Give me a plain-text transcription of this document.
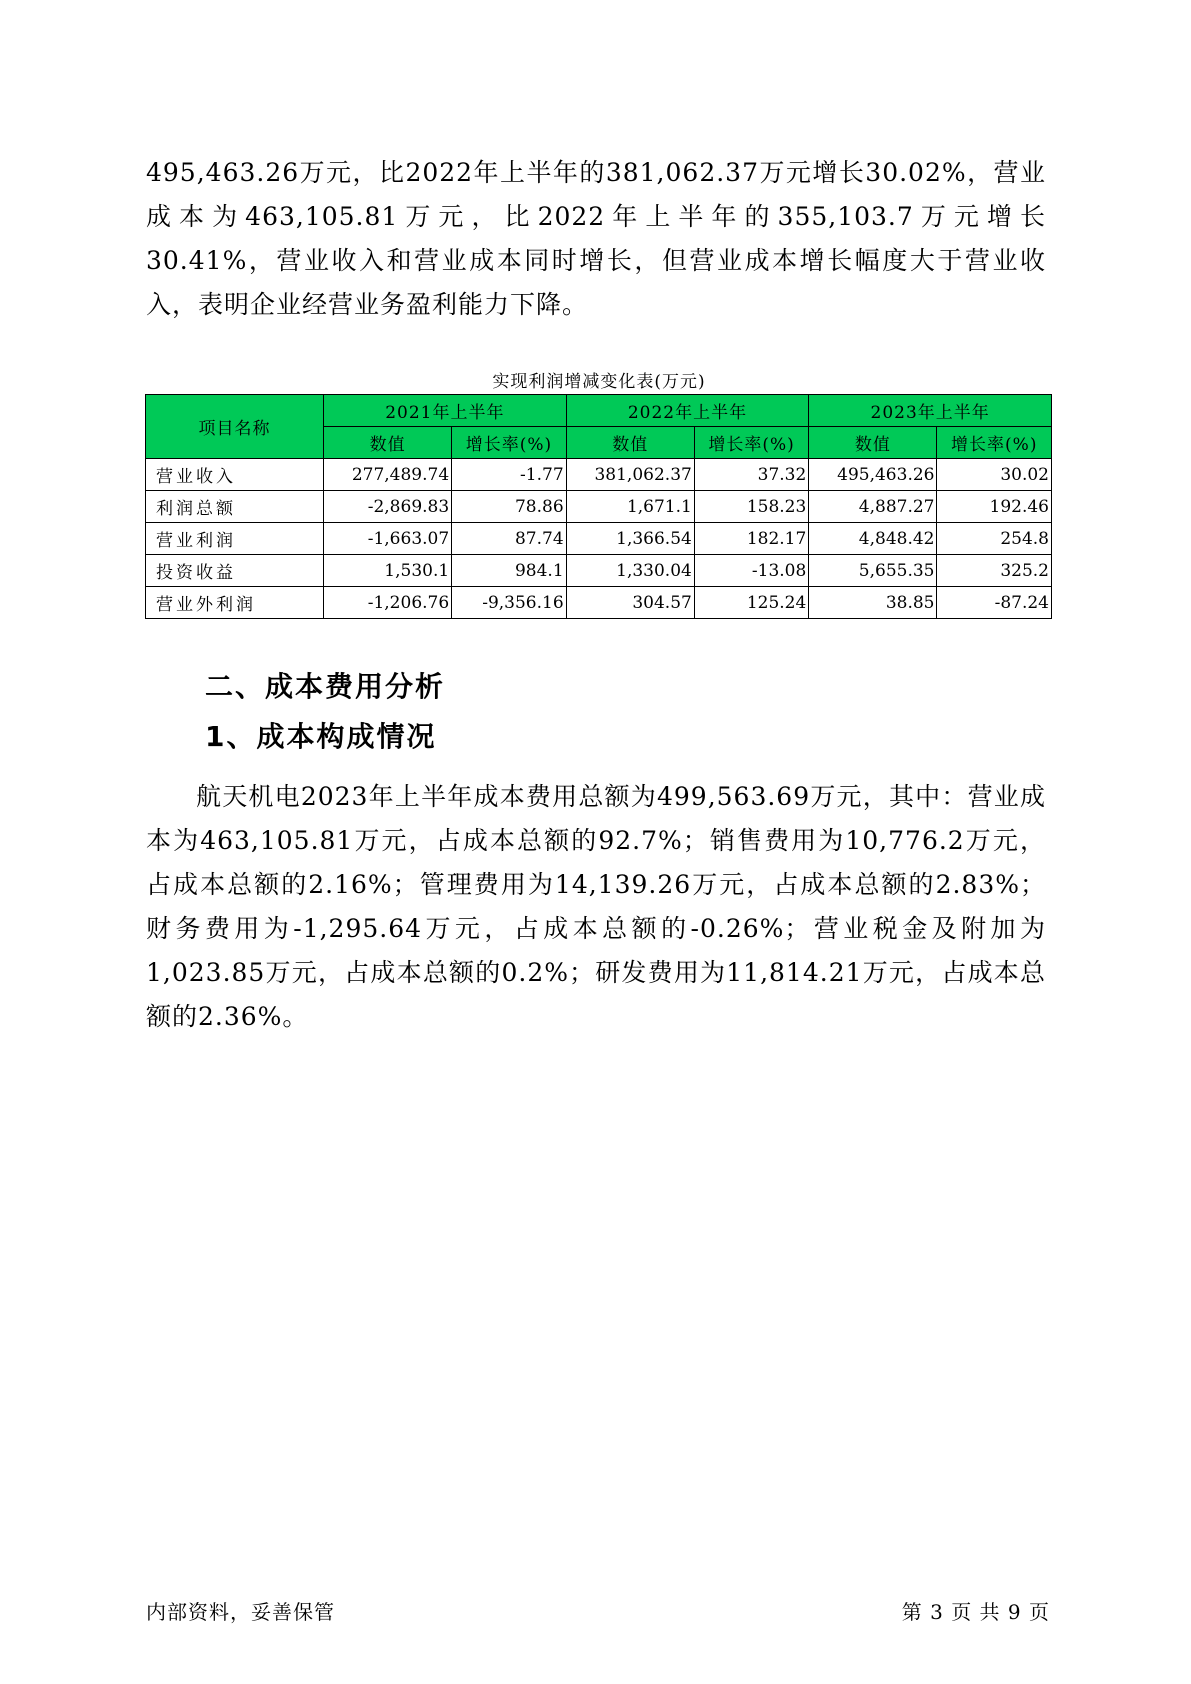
495,463.26万元，比2022年上半年的381,062.37万元增长30.02%，营业成本为463,105.81万元，比2022年上半年的355,103.7万元增长30.41%，营业收入和营业成本同时增长，但营业成本增长幅度大于营业收入，表明企业经营业务盈利能力下降。

实现利润增减变化表(万元)
项目名称	2021年上半年		2022年上半年		2023年上半年	
	数值	增长率(%)	数值	增长率(%)	数值	增长率(%)
营业收入	277,489.74	-1.77	381,062.37	37.32	495,463.26	30.02
利润总额	-2,869.83	78.86	1,671.1	158.23	4,887.27	192.46
营业利润	-1,663.07	87.74	1,366.54	182.17	4,848.42	254.8
投资收益	1,530.1	984.1	1,330.04	-13.08	5,655.35	325.2
营业外利润	-1,206.76	-9,356.16	304.57	125.24	38.85	-87.24
二、成本费用分析
1、成本构成情况

航天机电2023年上半年成本费用总额为499,563.69万元，其中：营业成本为463,105.81万元，占成本总额的92.7%；销售费用为10,776.2万元，占成本总额的2.16%；管理费用为14,139.26万元，占成本总额的2.83%；财务费用为-1,295.64万元，占成本总额的-0.26%；营业税金及附加为1,023.85万元，占成本总额的0.2%；研发费用为11,814.21万元，占成本总额的2.36%。

内部资料，妥善保管	第 3 页 共 9 页
